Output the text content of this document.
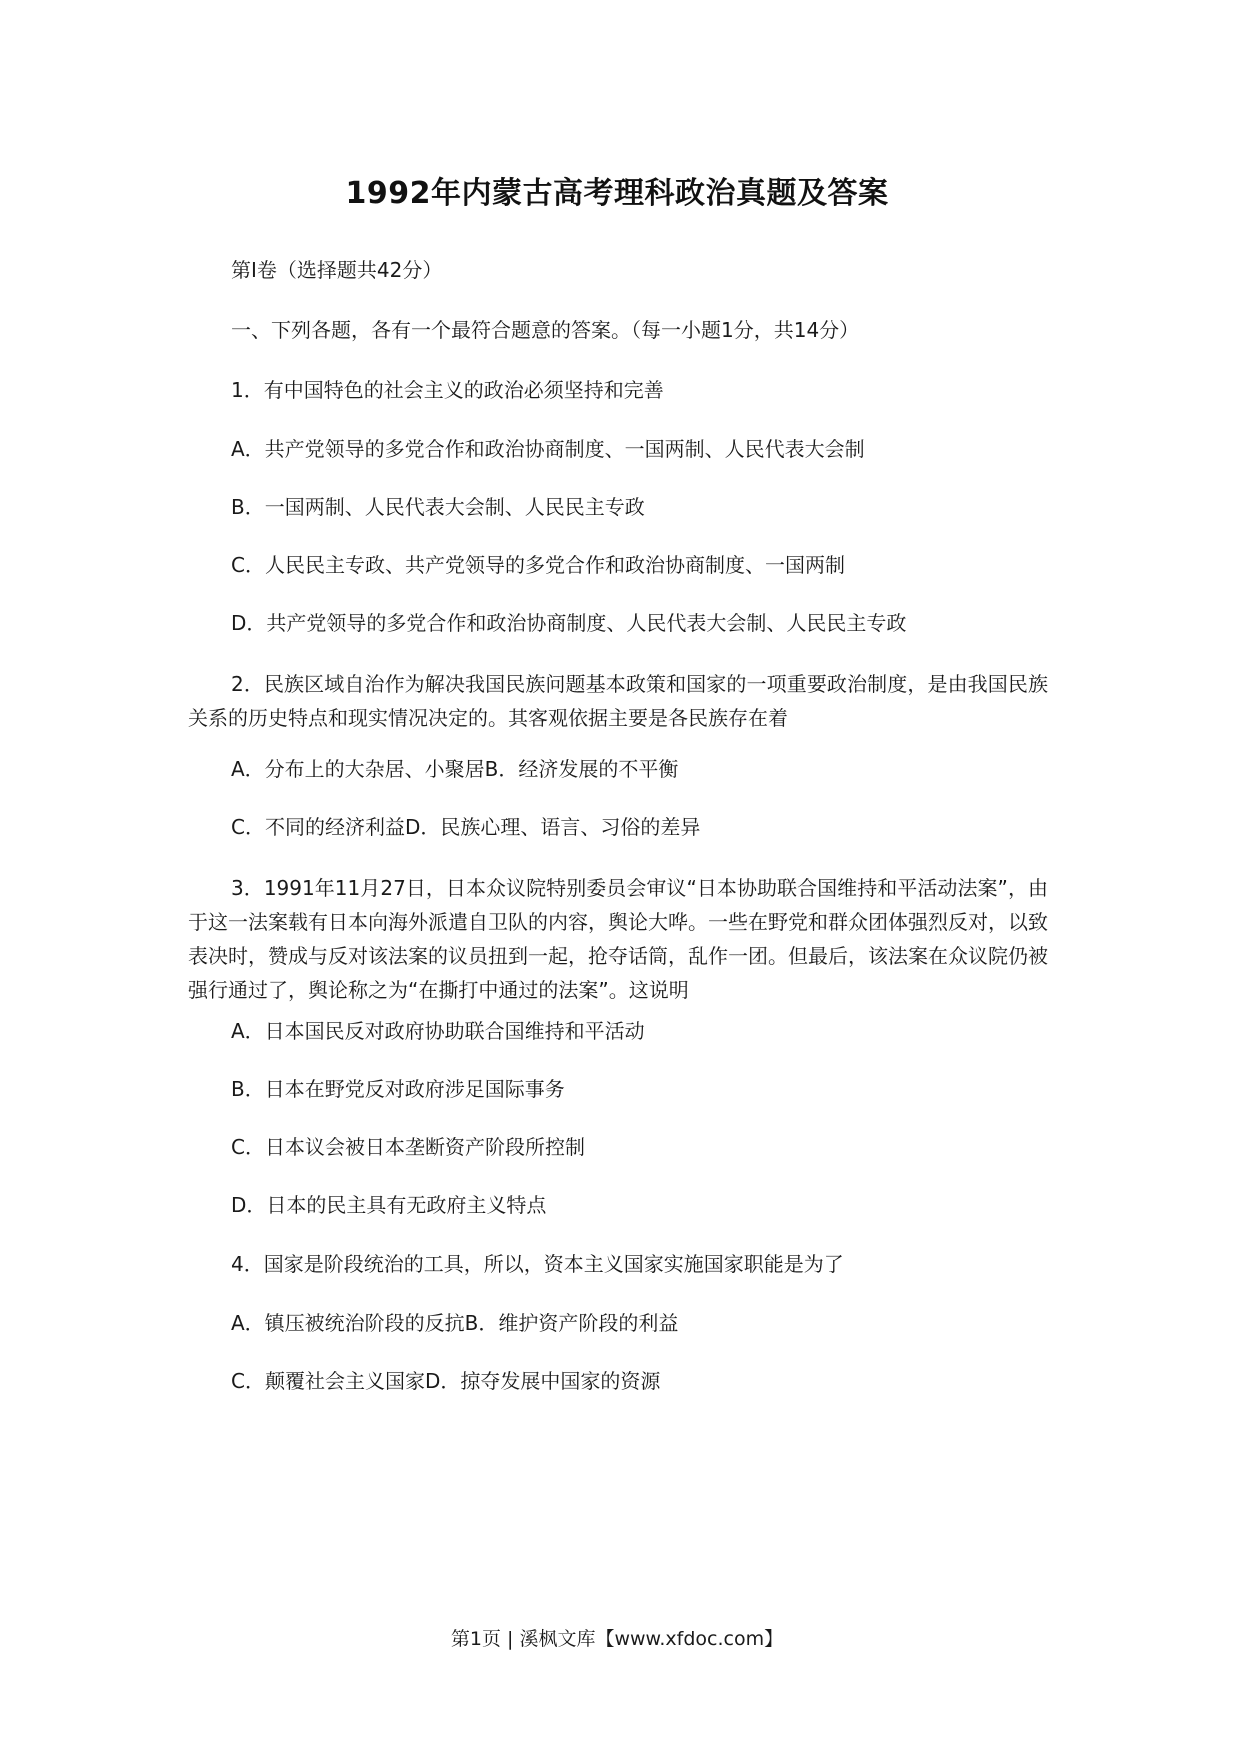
1992年内蒙古高考理科政治真题及答案
第I卷（选择题共42分）
一、下列各题，各有一个最符合题意的答案。（每一小题1分，共14分）
1．有中国特色的社会主义的政治必须坚持和完善
A．共产党领导的多党合作和政治协商制度、一国两制、人民代表大会制
B．一国两制、人民代表大会制、人民民主专政
C．人民民主专政、共产党领导的多党合作和政治协商制度、一国两制
D．共产党领导的多党合作和政治协商制度、人民代表大会制、人民民主专政
2．民族区域自治作为解决我国民族问题基本政策和国家的一项重要政治制度，是由我国民族关系的历史特点和现实情况决定的。其客观依据主要是各民族存在着
A．分布上的大杂居、小聚居B．经济发展的不平衡
C．不同的经济利益D．民族心理、语言、习俗的差异
3．1991年11月27日，日本众议院特别委员会审议“日本协助联合国维持和平活动法案”，由于这一法案载有日本向海外派遣自卫队的内容，舆论大哗。一些在野党和群众团体强烈反对，以致表决时，赞成与反对该法案的议员扭到一起，抢夺话筒，乱作一团。但最后，该法案在众议院仍被强行通过了，舆论称之为“在撕打中通过的法案”。这说明
A．日本国民反对政府协助联合国维持和平活动
B．日本在野党反对政府涉足国际事务
C．日本议会被日本垄断资产阶段所控制
D．日本的民主具有无政府主义特点
4．国家是阶段统治的工具，所以，资本主义国家实施国家职能是为了
A．镇压被统治阶段的反抗B．维护资产阶段的利益
C．颠覆社会主义国家D．掠夺发展中国家的资源
第1页 | 溪枫文库【www.xfdoc.com】
